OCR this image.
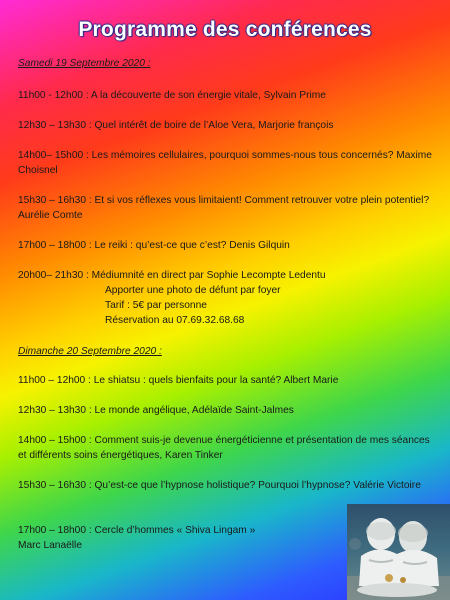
Programme des conférences
Samedi 19 Septembre 2020 :
11h00 - 12h00 : A la découverte de son énergie vitale, Sylvain Prime
12h30 – 13h30 : Quel intérêt de boire de l’Aloe Vera, Marjorie françois
14h00– 15h00 : Les mémoires cellulaires, pourquoi sommes-nous tous concernés? Maxime Choisnel
15h30 – 16h30 : Et si vos réflexes vous limitaient! Comment retrouver votre plein potentiel? Aurélie Comte
17h00 – 18h00 : Le reiki : qu’est-ce que c’est? Denis Gilquin
20h00– 21h30 : Médiumnité en direct par Sophie Lecompte Ledentu
Apporter une photo de défunt par foyer
Tarif : 5€ par personne
Réservation au 07.69.32.68.68
Dimanche 20 Septembre 2020 :
11h00 – 12h00 : Le shiatsu : quels bienfaits pour la santé? Albert Marie
12h30 – 13h30 : Le monde angélique, Adélaïde Saint-Jalmes
14h00 – 15h00 : Comment suis-je devenue énergéticienne et présentation de mes séances et différents soins énergétiques, Karen Tinker
15h30 – 16h30 : Qu’est-ce que l’hypnose holistique? Pourquoi l’hypnose? Valérie Victoire
17h00 – 18h00 : Cercle d’hommes « Shiva Lingam »
Marc Lanaëlle
